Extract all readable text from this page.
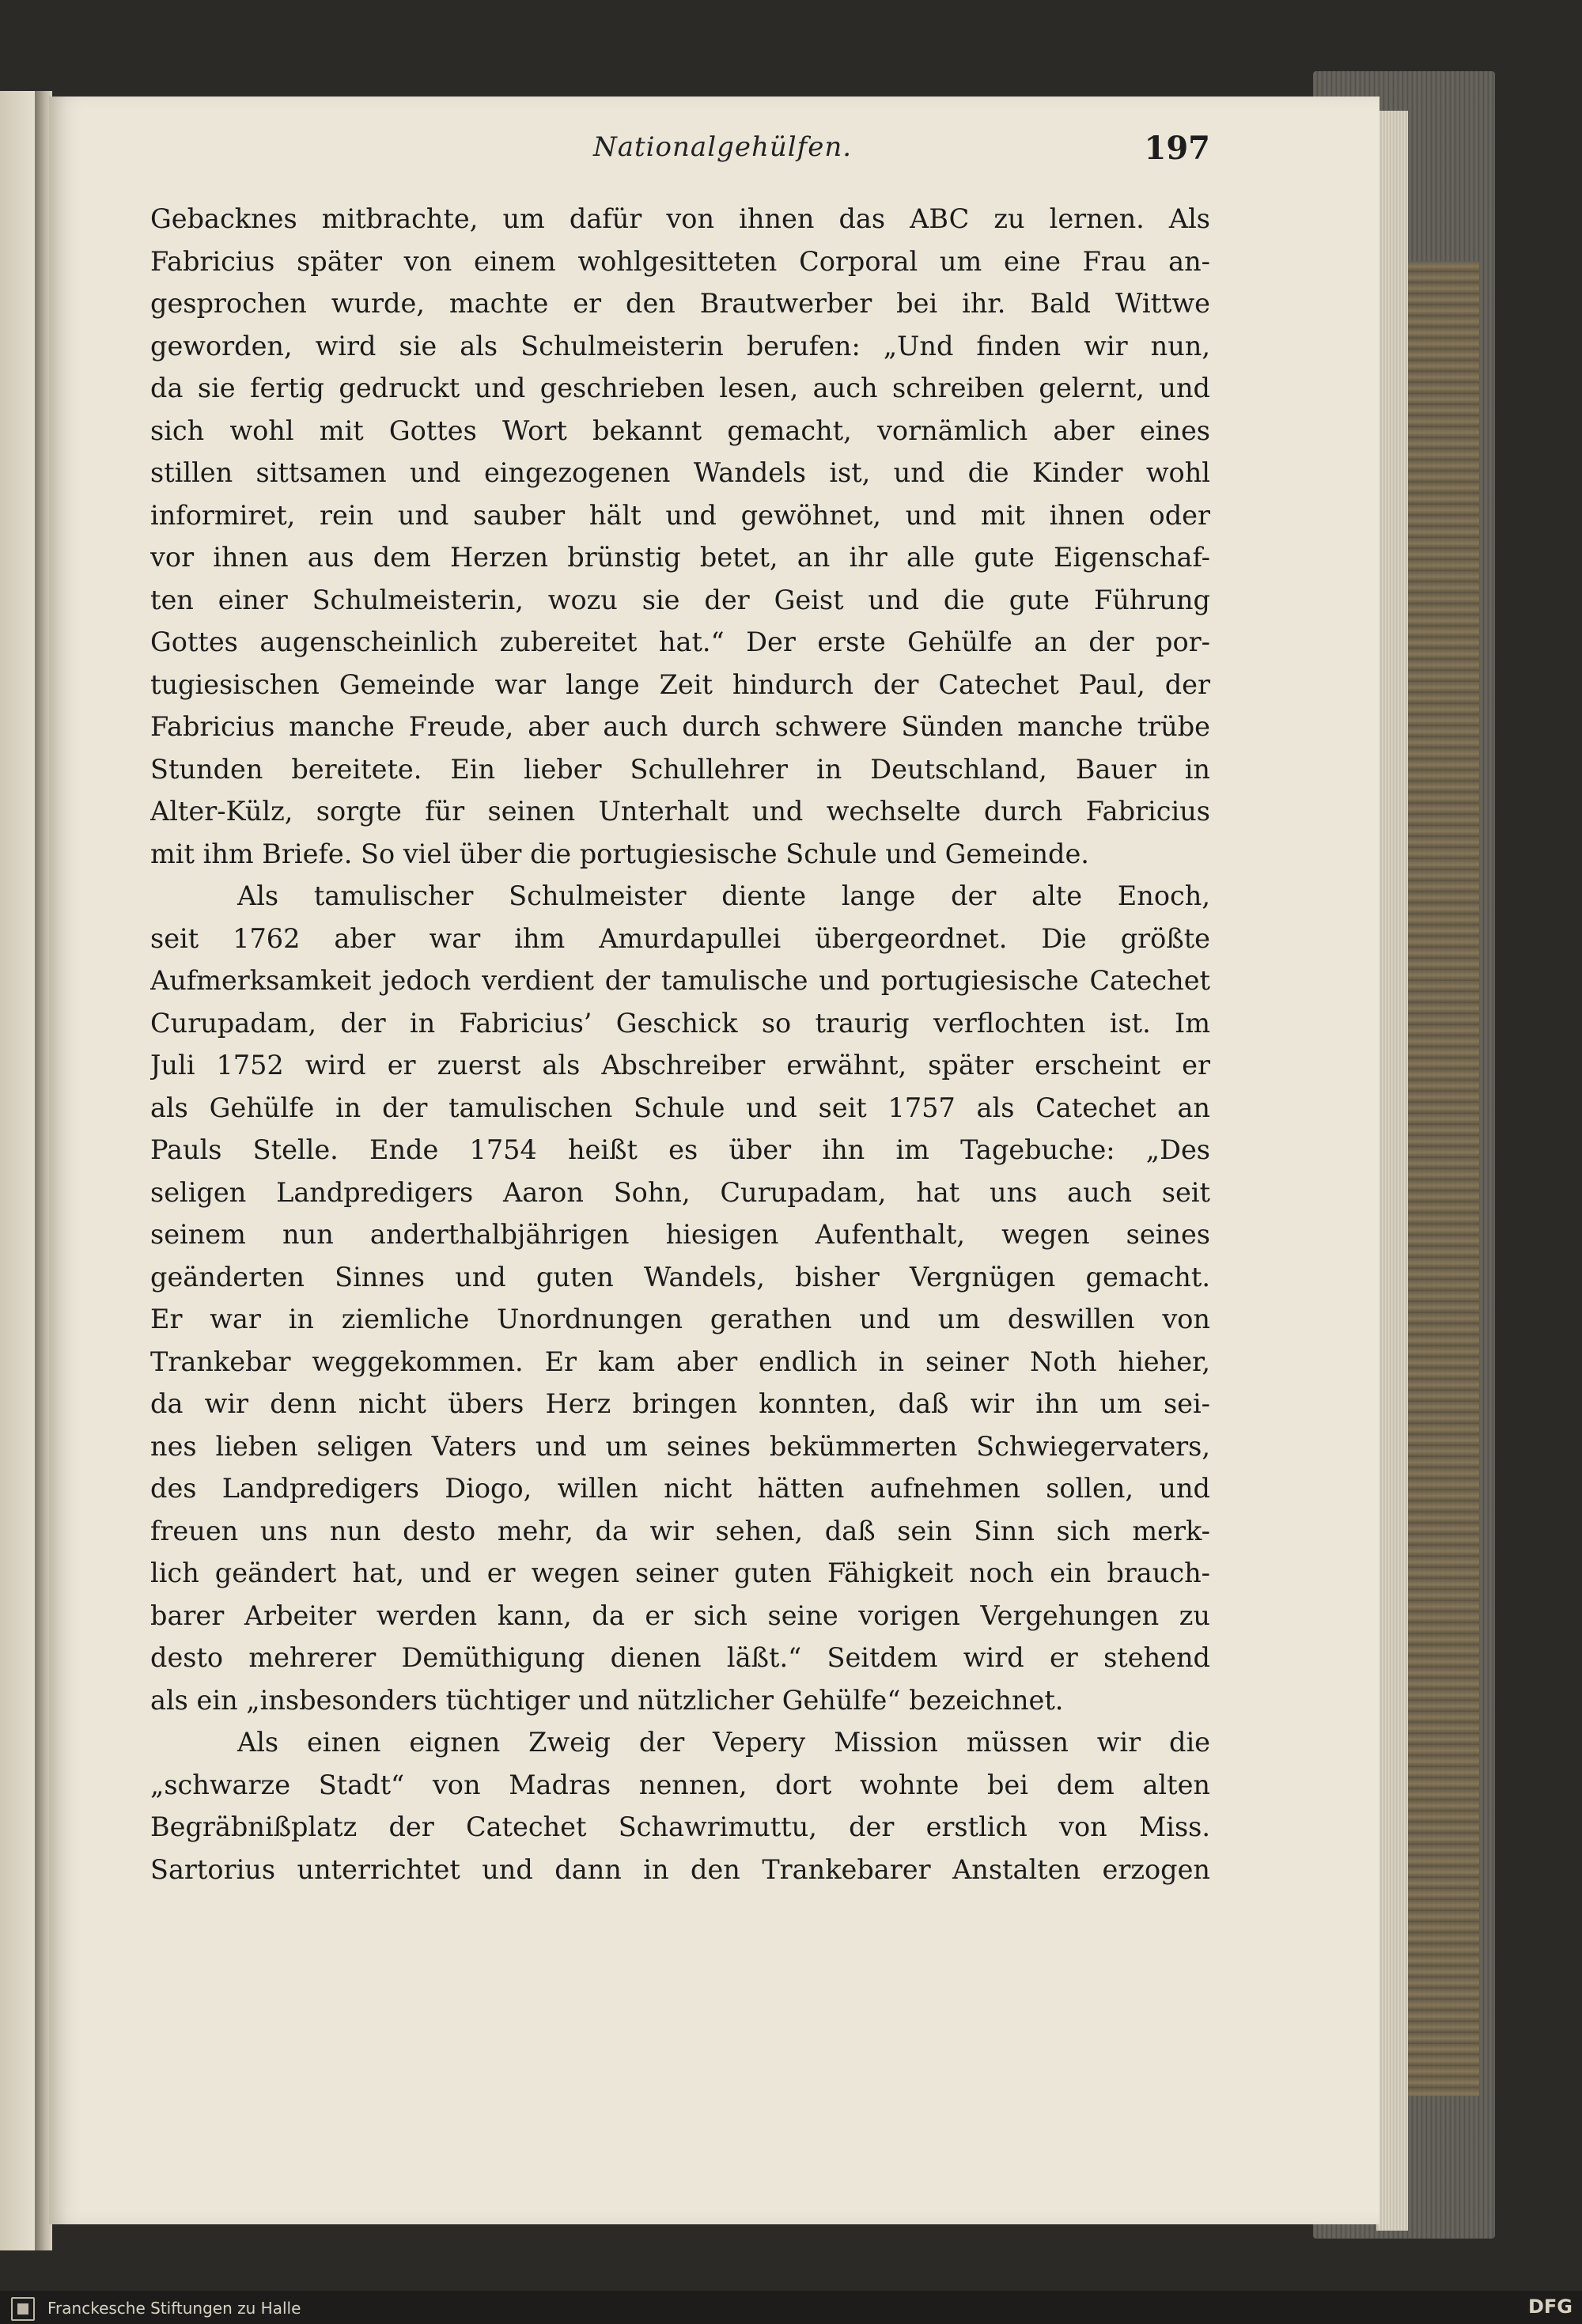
Nationalgehülfen.	197
Gebacknes mitbrachte, um dafür von ihnen das ABC zu lernen. Als
Fabricius später von einem wohlgesitteten Corporal um eine Frau an-
gesprochen wurde, machte er den Brautwerber bei ihr. Bald Wittwe
geworden, wird sie als Schulmeisterin berufen: „Und finden wir nun,
da sie fertig gedruckt und geschrieben lesen, auch schreiben gelernt, und
sich wohl mit Gottes Wort bekannt gemacht, vornämlich aber eines
stillen sittsamen und eingezogenen Wandels ist, und die Kinder wohl
informiret, rein und sauber hält und gewöhnet, und mit ihnen oder
vor ihnen aus dem Herzen brünstig betet, an ihr alle gute Eigenschaf-
ten einer Schulmeisterin, wozu sie der Geist und die gute Führung
Gottes augenscheinlich zubereitet hat.“ Der erste Gehülfe an der por-
tugiesischen Gemeinde war lange Zeit hindurch der Catechet Paul, der
Fabricius manche Freude, aber auch durch schwere Sünden manche trübe
Stunden bereitete. Ein lieber Schullehrer in Deutschland, Bauer in
Alter-Külz, sorgte für seinen Unterhalt und wechselte durch Fabricius
mit ihm Briefe. So viel über die portugiesische Schule und Gemeinde.
Als tamulischer Schulmeister diente lange der alte Enoch,
seit 1762 aber war ihm Amurdapullei übergeordnet. Die größte
Aufmerksamkeit jedoch verdient der tamulische und portugiesische Catechet
Curupadam, der in Fabricius’ Geschick so traurig verflochten ist. Im
Juli 1752 wird er zuerst als Abschreiber erwähnt, später erscheint er
als Gehülfe in der tamulischen Schule und seit 1757 als Catechet an
Pauls Stelle. Ende 1754 heißt es über ihn im Tagebuche: „Des
seligen Landpredigers Aaron Sohn, Curupadam, hat uns auch seit
seinem nun anderthalbjährigen hiesigen Aufenthalt, wegen seines
geänderten Sinnes und guten Wandels, bisher Vergnügen gemacht.
Er war in ziemliche Unordnungen gerathen und um deswillen von
Trankebar weggekommen. Er kam aber endlich in seiner Noth hieher,
da wir denn nicht übers Herz bringen konnten, daß wir ihn um sei-
nes lieben seligen Vaters und um seines bekümmerten Schwiegervaters,
des Landpredigers Diogo, willen nicht hätten aufnehmen sollen, und
freuen uns nun desto mehr, da wir sehen, daß sein Sinn sich merk-
lich geändert hat, und er wegen seiner guten Fähigkeit noch ein brauch-
barer Arbeiter werden kann, da er sich seine vorigen Vergehungen zu
desto mehrerer Demüthigung dienen läßt.“ Seitdem wird er stehend
als ein „insbesonders tüchtiger und nützlicher Gehülfe“ bezeichnet.
Als einen eignen Zweig der Vepery Mission müssen wir die
„schwarze Stadt“ von Madras nennen, dort wohnte bei dem alten
Begräbnißplatz der Catechet Schawrimuttu, der erstlich von Miss.
Sartorius unterrichtet und dann in den Trankebarer Anstalten erzogen
Franckesche Stiftungen zu Halle	DFG
